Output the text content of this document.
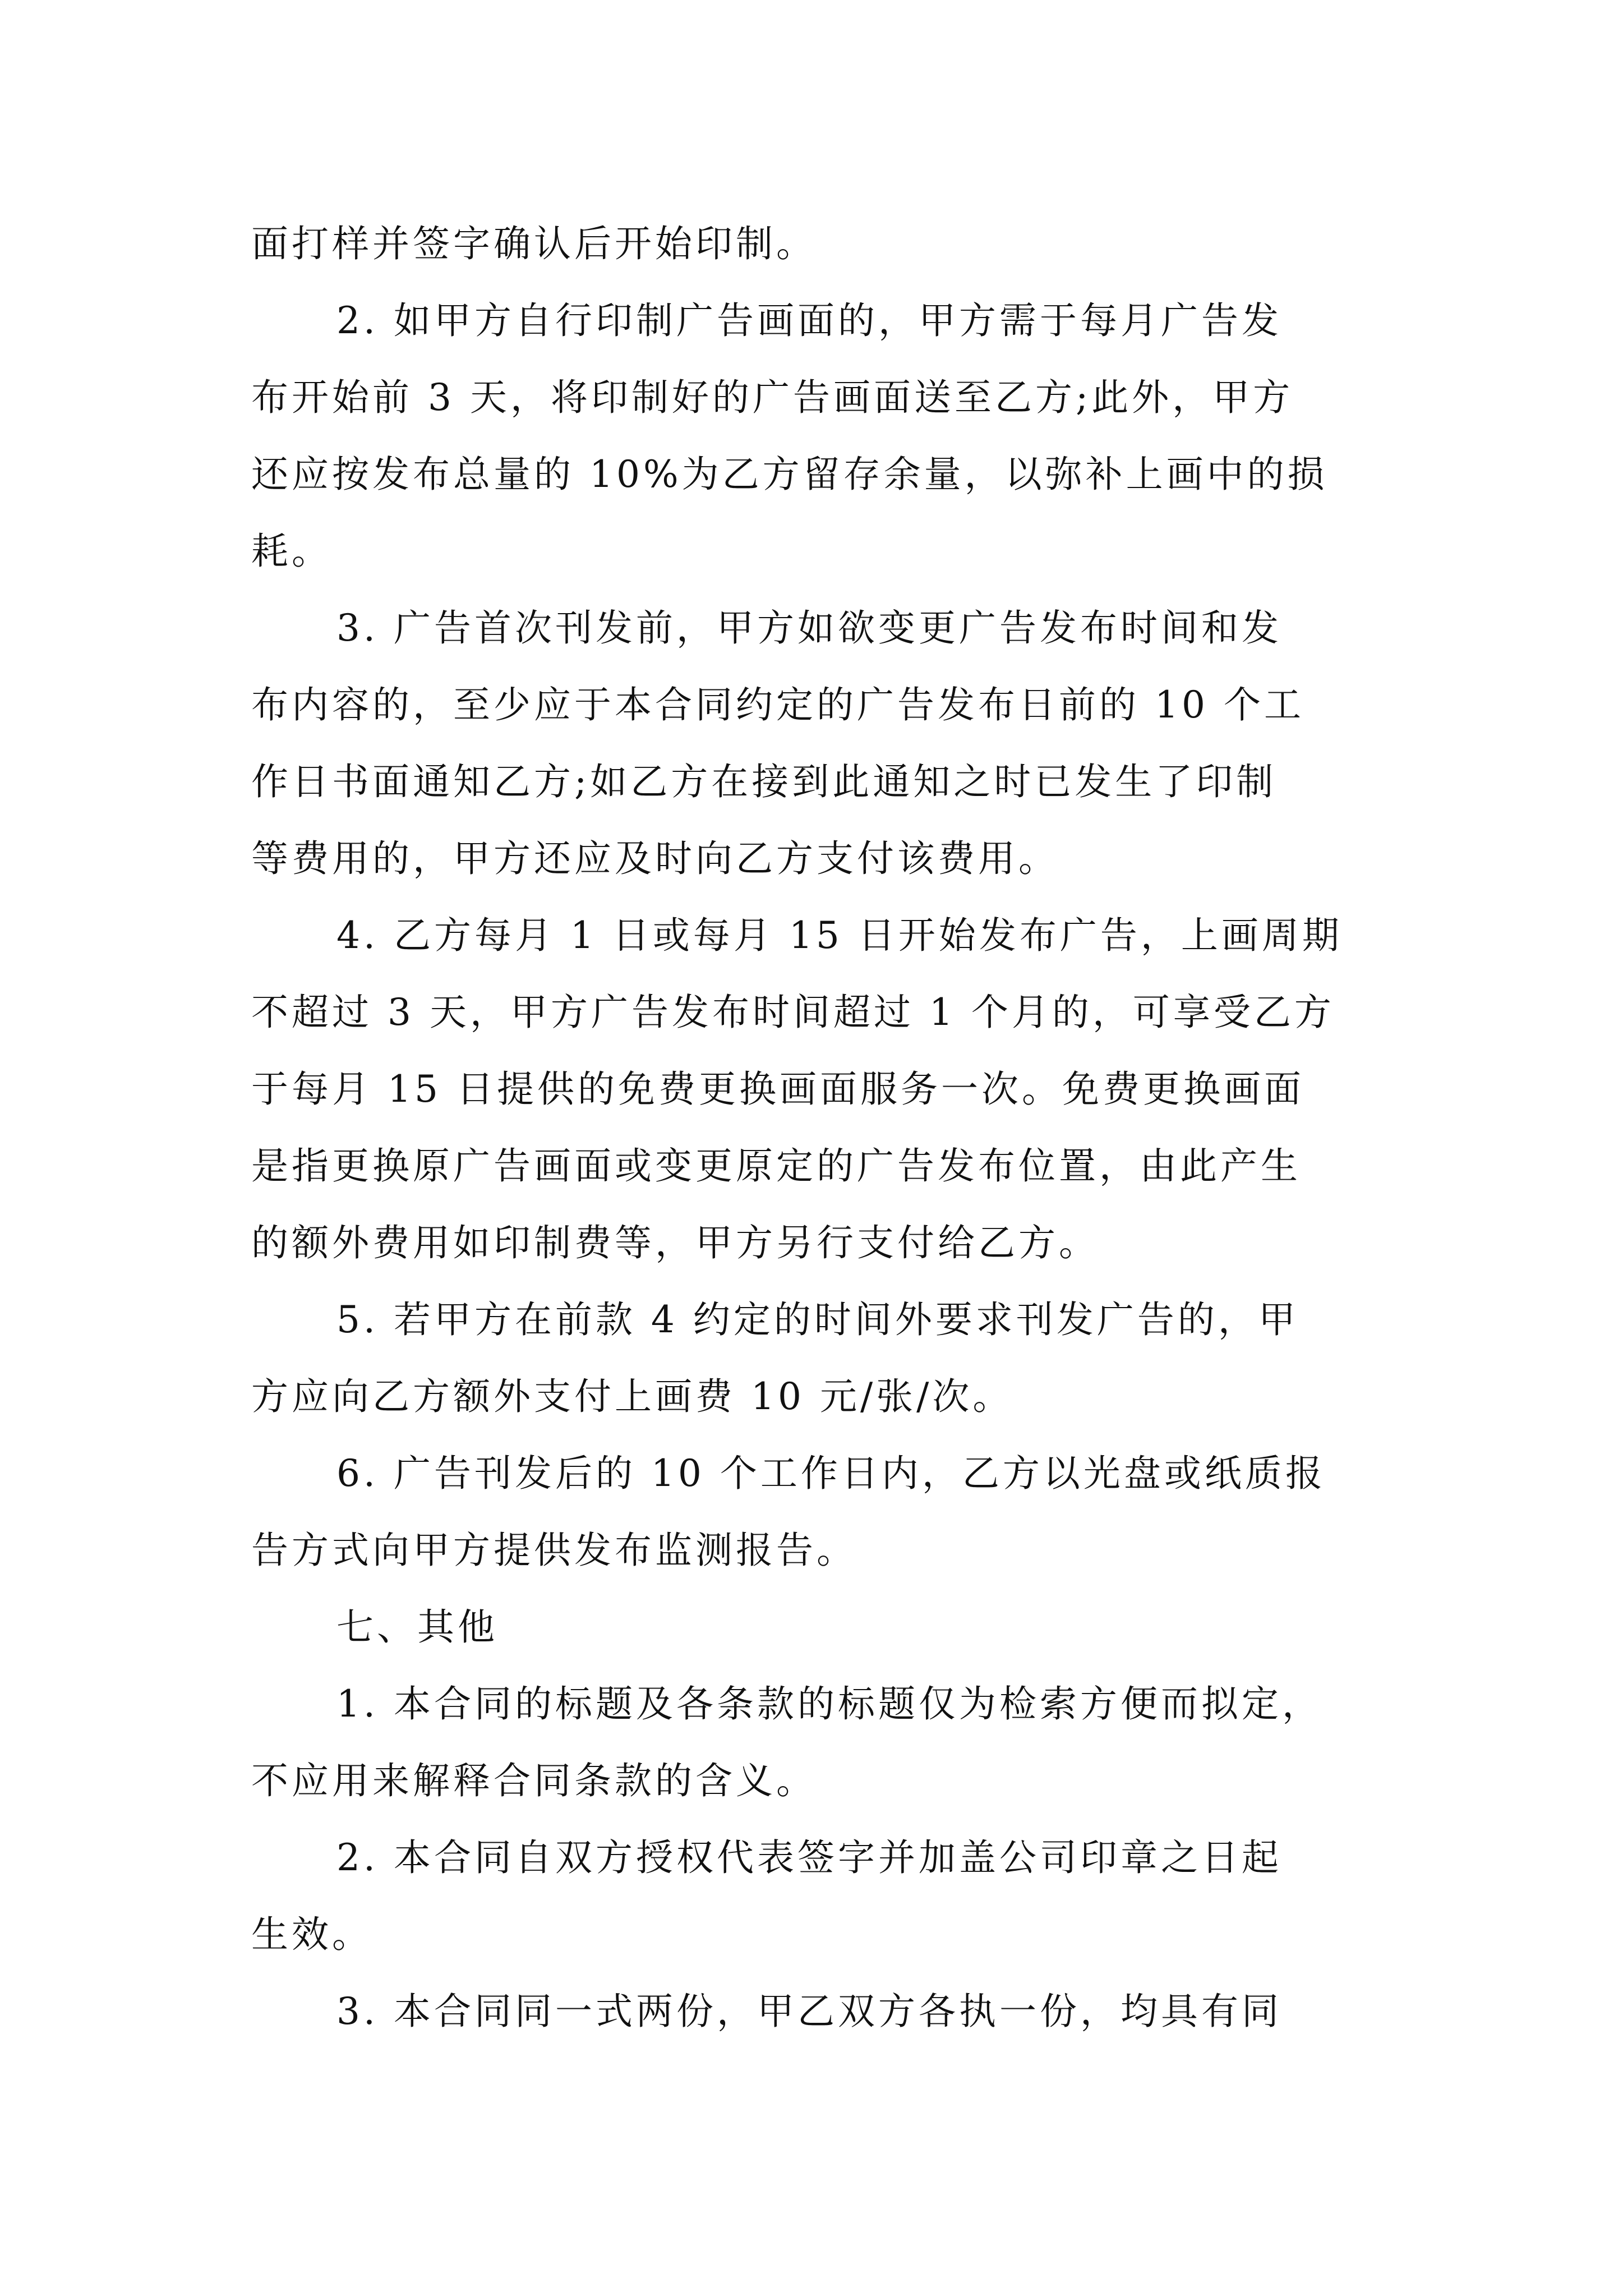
面打样并签字确认后开始印制。
2. 如甲方自行印制广告画面的，甲方需于每月广告发
布开始前 3 天，将印制好的广告画面送至乙方;此外，甲方
还应按发布总量的 10%为乙方留存余量，以弥补上画中的损
耗。
3. 广告首次刊发前，甲方如欲变更广告发布时间和发
布内容的，至少应于本合同约定的广告发布日前的 10 个工
作日书面通知乙方;如乙方在接到此通知之时已发生了印制
等费用的，甲方还应及时向乙方支付该费用。
4. 乙方每月 1 日或每月 15 日开始发布广告，上画周期
不超过 3 天，甲方广告发布时间超过 1 个月的，可享受乙方
于每月 15 日提供的免费更换画面服务一次。免费更换画面
是指更换原广告画面或变更原定的广告发布位置，由此产生
的额外费用如印制费等，甲方另行支付给乙方。
5. 若甲方在前款 4 约定的时间外要求刊发广告的，甲
方应向乙方额外支付上画费 10 元/张/次。
6. 广告刊发后的 10 个工作日内，乙方以光盘或纸质报
告方式向甲方提供发布监测报告。
七、其他
1. 本合同的标题及各条款的标题仅为检索方便而拟定，
不应用来解释合同条款的含义。
2. 本合同自双方授权代表签字并加盖公司印章之日起
生效。
3. 本合同同一式两份，甲乙双方各执一份，均具有同
